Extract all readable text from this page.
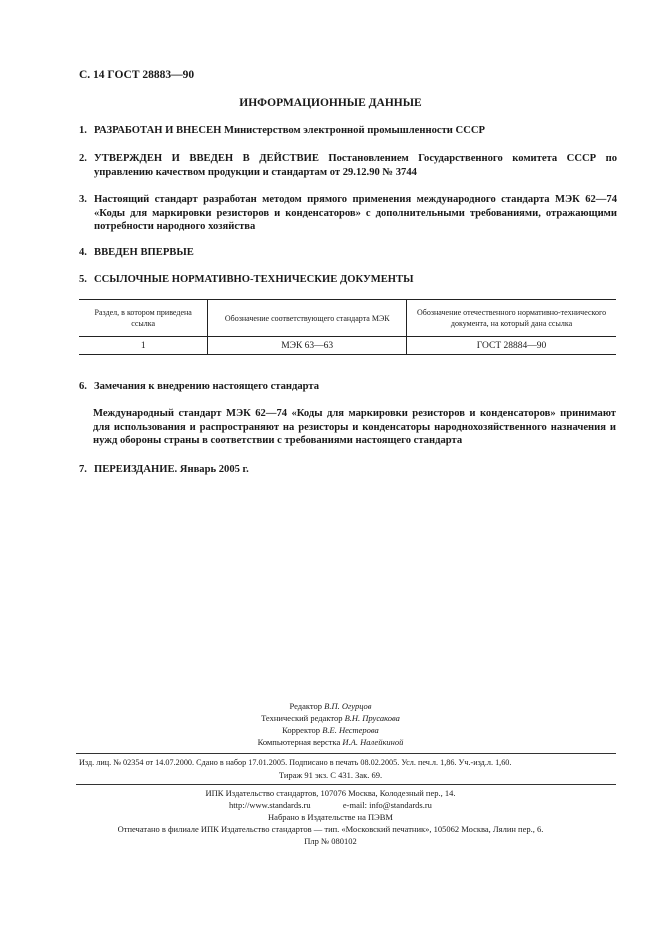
С. 14 ГОСТ 28883—90
ИНФОРМАЦИОННЫЕ ДАННЫЕ
1. РАЗРАБОТАН И ВНЕСЕН Министерством электронной промышленности СССР
2. УТВЕРЖДЕН И ВВЕДЕН В ДЕЙСТВИЕ Постановлением Государственного комитета СССР по управлению качеством продукции и стандартам от 29.12.90 № 3744
3. Настоящий стандарт разработан методом прямого применения международного стандарта МЭК 62—74 «Коды для маркировки резисторов и конденсаторов» с дополнительными требованиями, отражающими потребности народного хозяйства
4. ВВЕДЕН ВПЕРВЫЕ
5. ССЫЛОЧНЫЕ НОРМАТИВНО-ТЕХНИЧЕСКИЕ ДОКУМЕНТЫ
Раздел, в котором приведена ссылка	Обозначение соответствующего стандарта МЭК	Обозначение отечественного нормативно-технического документа, на который дана ссылка
1	МЭК 63—63	ГОСТ 28884—90
6. Замечания к внедрению настоящего стандарта
Международный стандарт МЭК 62—74 «Коды для маркировки резисторов и конденсаторов» принимают для использования и распространяют на резисторы и конденсаторы народнохозяйственного назначения и нужд обороны страны в соответствии с требованиями настоящего стандарта
7. ПЕРЕИЗДАНИЕ. Январь 2005 г.
Редактор В.П. Огурцов
Технический редактор В.Н. Прусакова
Корректор В.Е. Нестерова
Компьютерная верстка И.А. Налейкиной
Изд. лиц. № 02354 от 14.07.2000. Сдано в набор 17.01.2005. Подписано в печать 08.02.2005. Усл. печ.л. 1,86. Уч.-изд.л. 1,60.
Тираж 91 экз. С 431. Зак. 69.
ИПК Издательство стандартов, 107076 Москва, Колодезный пер., 14.
http://www.standards.ru	e-mail: info@standards.ru
Набрано в Издательстве на ПЭВМ
Отпечатано в филиале ИПК Издательство стандартов — тип. «Московский печатник», 105062 Москва, Лялин пер., 6.
Плр № 080102
